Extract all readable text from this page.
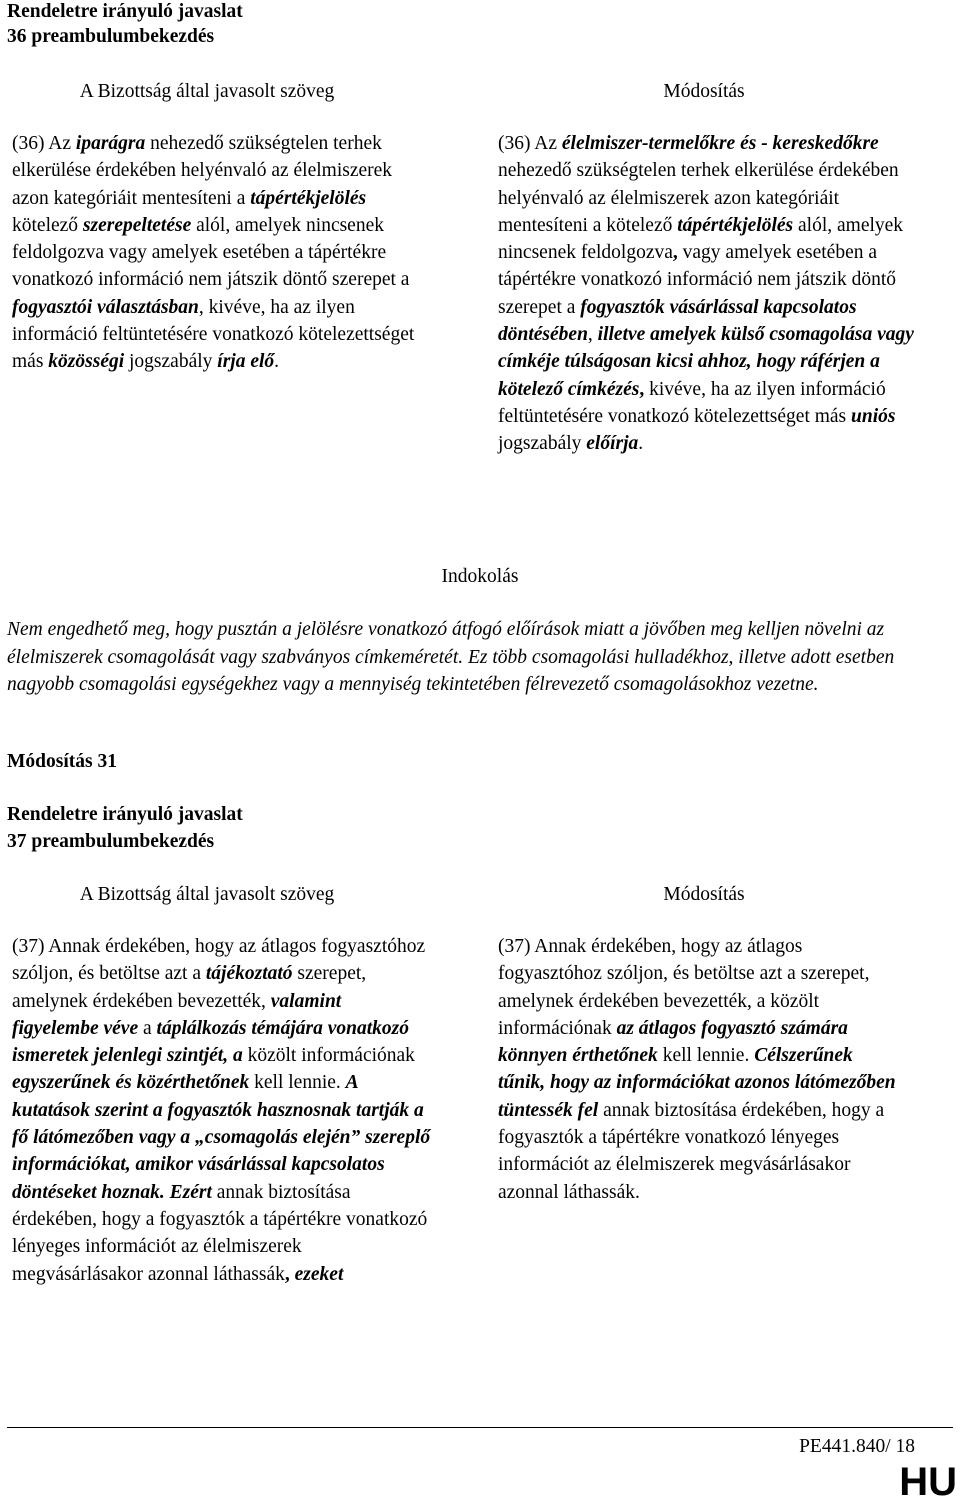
Rendeletre irányuló javaslat
36 preambulumbekezdés
A Bizottság által javasolt szöveg	Módosítás

(36) Az iparágra nehezedő szükségtelen terhek elkerülése érdekében helyénvaló az élelmiszerek azon kategóriáit mentesíteni a tápértékjelölés kötelező szerepeltetése alól, amelyek nincsenek feldolgozva vagy amelyek esetében a tápértékre vonatkozó információ nem játszik döntő szerepet a fogyasztói választásban, kivéve, ha az ilyen információ feltüntetésére vonatkozó kötelezettséget más közösségi jogszabály írja elő.

(36) Az élelmiszer-termelőkre és - kereskedőkre nehezedő szükségtelen terhek elkerülése érdekében helyénvaló az élelmiszerek azon kategóriáit mentesíteni a kötelező tápértékjelölés alól, amelyek nincsenek feldolgozva, vagy amelyek esetében a tápértékre vonatkozó információ nem játszik döntő szerepet a fogyasztók vásárlással kapcsolatos döntésében, illetve amelyek külső csomagolása vagy címkéje túlságosan kicsi ahhoz, hogy ráférjen a kötelező címkézés, kivéve, ha az ilyen információ feltüntetésére vonatkozó kötelezettséget más uniós jogszabály előírja.

Indokolás
Nem engedhető meg, hogy pusztán a jelölésre vonatkozó átfogó előírások miatt a jövőben meg kelljen növelni az élelmiszerek csomagolását vagy szabványos címkeméretét. Ez több csomagolási hulladékhoz, illetve adott esetben nagyobb csomagolási egységekhez vagy a mennyiség tekintetében félrevezető csomagolásokhoz vezetne.
Módosítás 31
Rendeletre irányuló javaslat
37 preambulumbekezdés
A Bizottság által javasolt szöveg	Módosítás

(37) Annak érdekében, hogy az átlagos fogyasztóhoz szóljon, és betöltse azt a tájékoztató szerepet, amelynek érdekében bevezették, valamint figyelembe véve a táplálkozás témájára vonatkozó ismeretek jelenlegi szintjét, a közölt információnak egyszerűnek és közérthetőnek kell lennie. A kutatások szerint a fogyasztók hasznosnak tartják a fő látómezőben vagy a „csomagolás elején” szereplő információkat, amikor vásárlással kapcsolatos döntéseket hoznak. Ezért annak biztosítása érdekében, hogy a fogyasztók a tápértékre vonatkozó lényeges információt az élelmiszerek megvásárlásakor azonnal láthassák, ezeket

(37) Annak érdekében, hogy az átlagos fogyasztóhoz szóljon, és betöltse azt a szerepet, amelynek érdekében bevezették, a közölt információnak az átlagos fogyasztó számára könnyen érthetőnek kell lennie. Célszerűnek tűnik, hogy az információkat azonos látómezőben tüntessék fel annak biztosítása érdekében, hogy a fogyasztók a tápértékre vonatkozó lényeges információt az élelmiszerek megvásárlásakor azonnal láthassák.

PE441.840/ 18
HU
